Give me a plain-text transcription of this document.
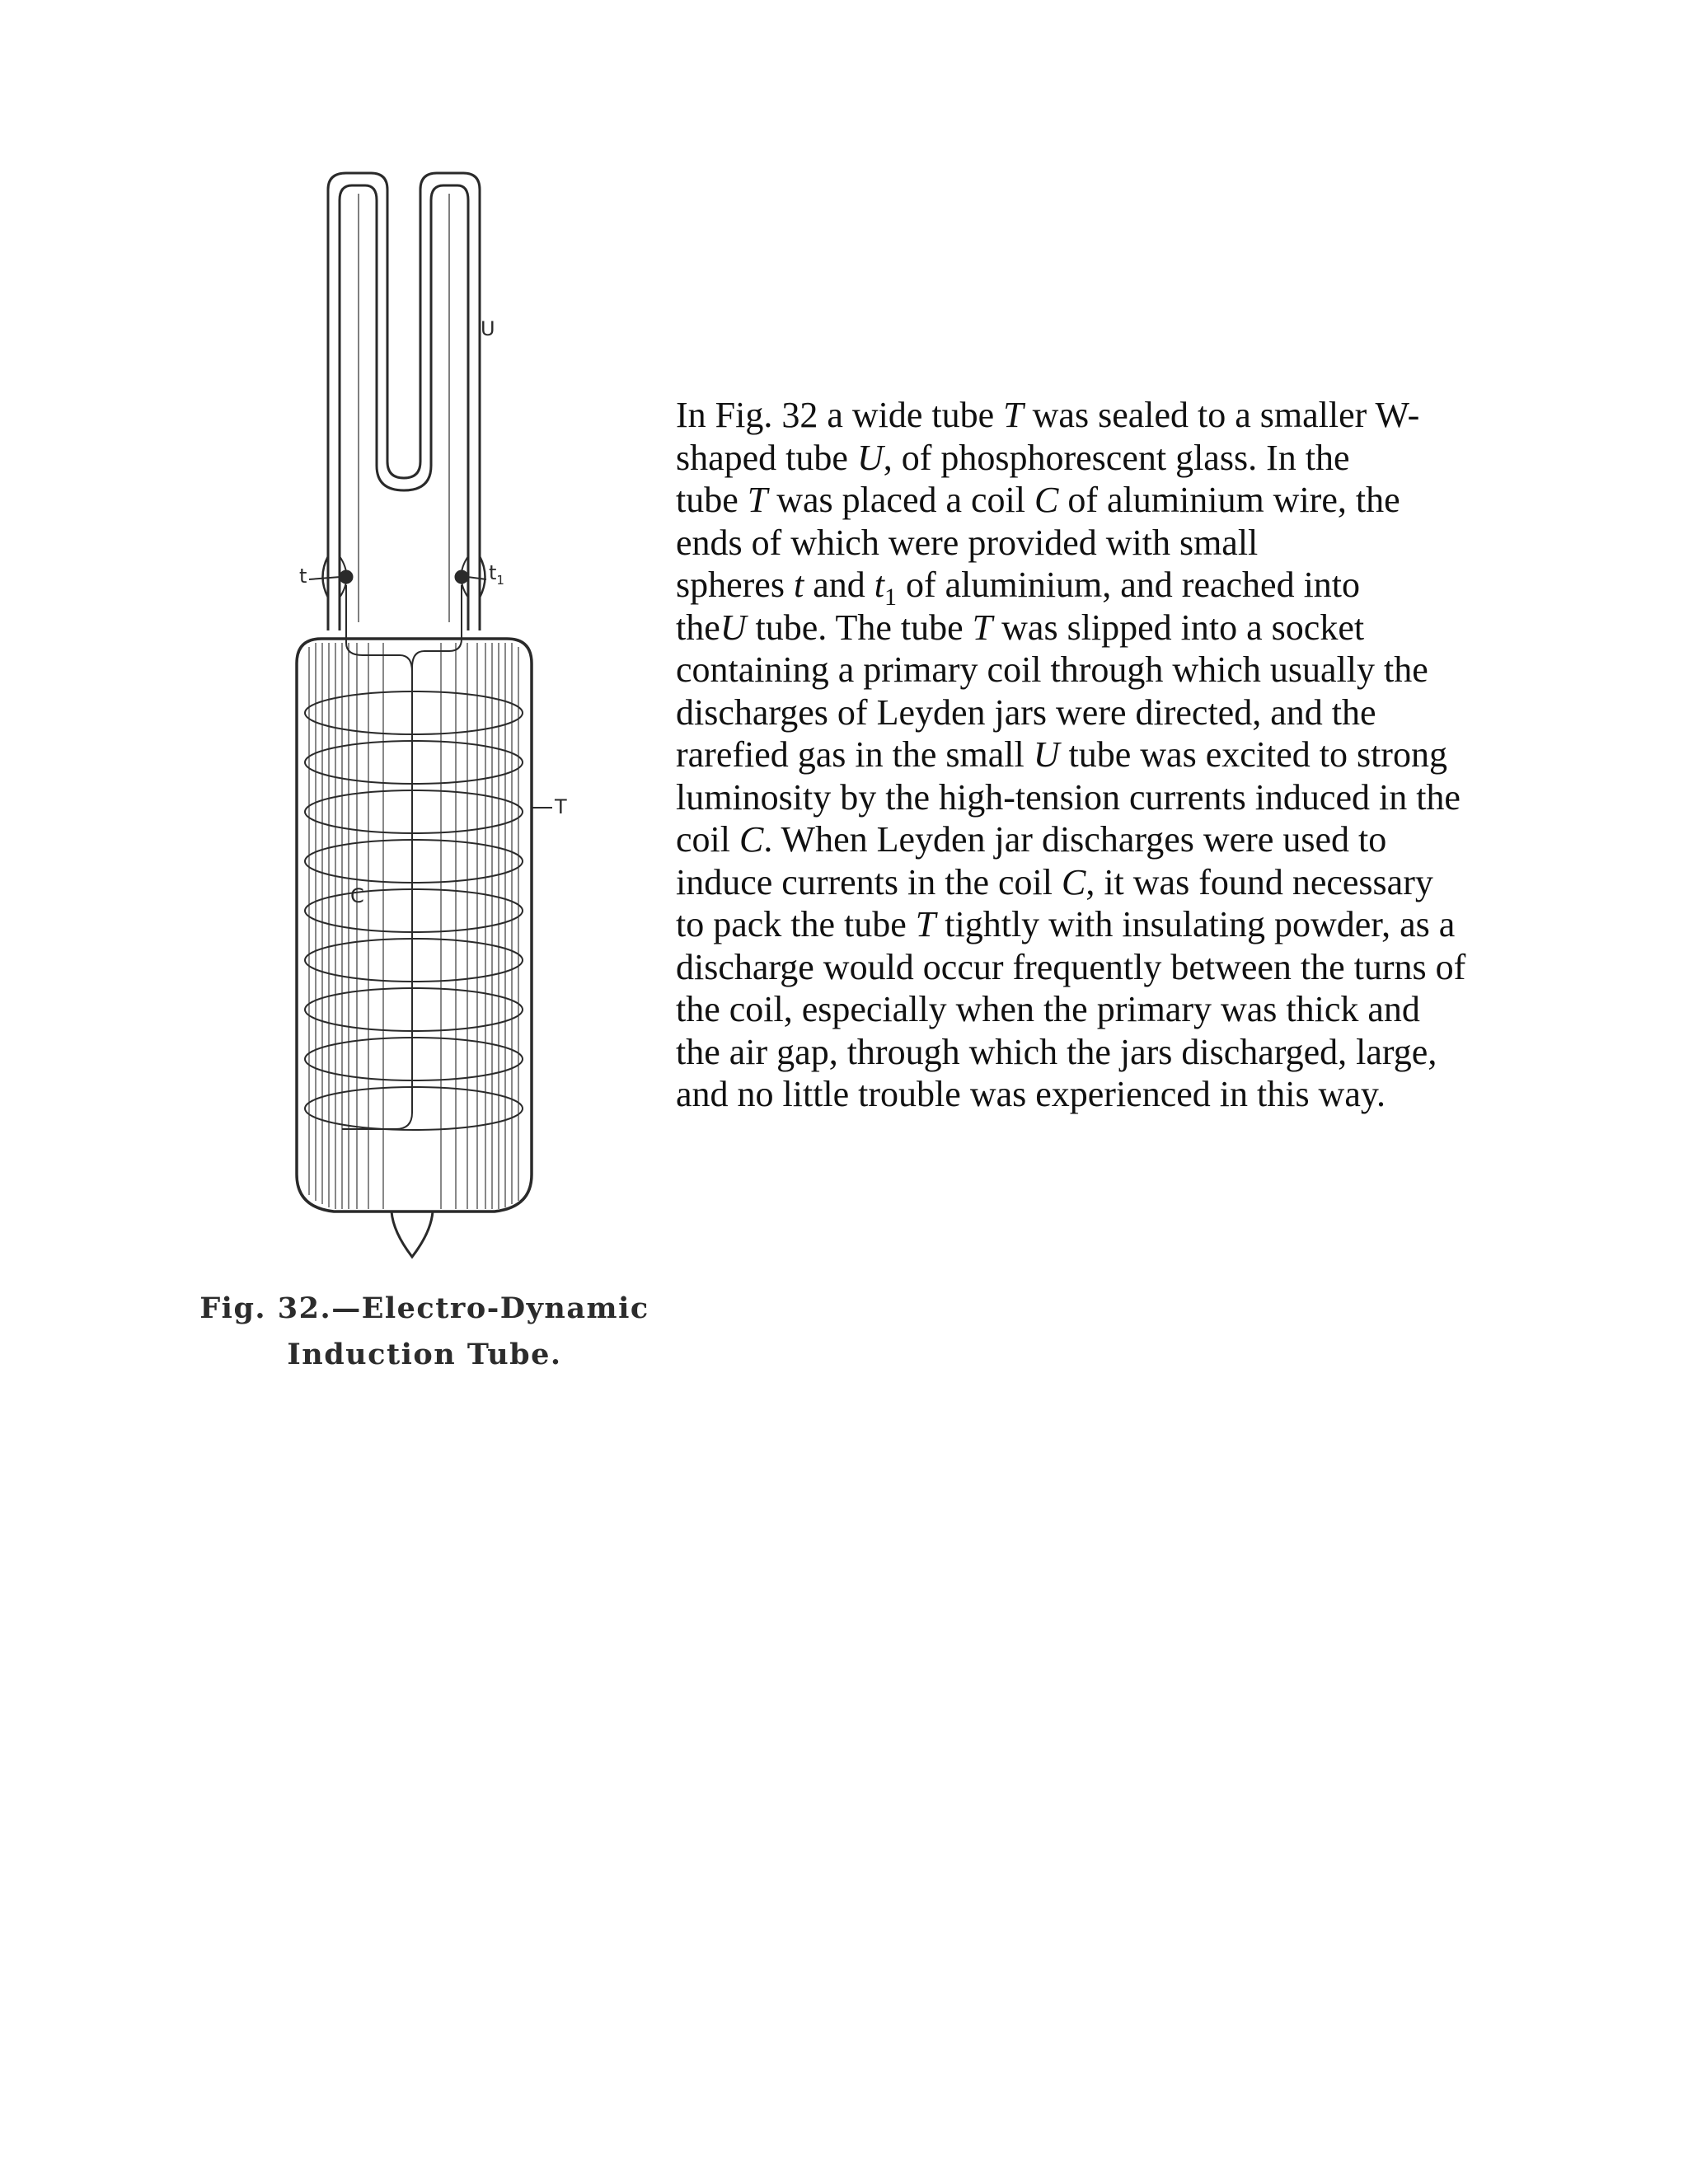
U
t	$t_1$
T
C
Fig. 32.—Electro-Dynamic
Induction Tube.
In Fig. 32 a wide tube T was sealed to a smaller W-
shaped tube U, of phosphorescent glass. In the
tube T was placed a coil C of aluminium wire, the
ends of which were provided with small
spheres t and $t_1$ of aluminium, and reached into
theU tube. The tube T was slipped into a socket
containing a primary coil through which usually the
discharges of Leyden jars were directed, and the
rarefied gas in the small U tube was excited to strong
luminosity by the high-tension currents induced in the
coil C. When Leyden jar discharges were used to
induce currents in the coil C, it was found necessary
to pack the tube T tightly with insulating powder, as a
discharge would occur frequently between the turns of
the coil, especially when the primary was thick and
the air gap, through which the jars discharged, large,
and no little trouble was experienced in this way.
